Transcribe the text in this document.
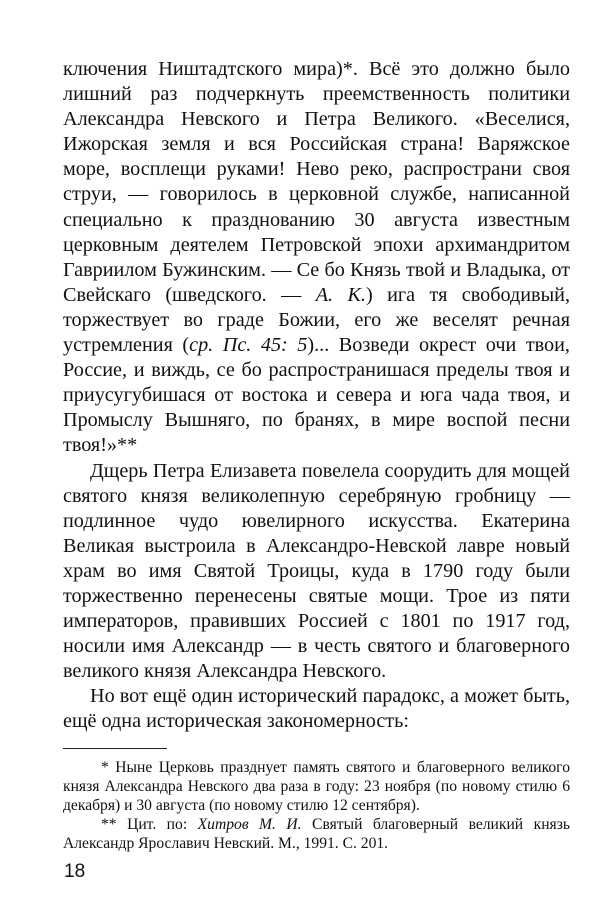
ключения Ништадтского мира)*. Всё это должно было лишний раз подчеркнуть преемственность политики Александра Невского и Петра Великого. «Веселися, Ижорская земля и вся Российская страна! Варяжское море, восплещи руками! Нево реко, распространи своя струи, — говорилось в церковной службе, написанной специально к празднованию 30 августа известным церковным деятелем Петровской эпохи архимандритом Гавриилом Бужинским. — Се бо Князь твой и Владыка, от Свейскаго (шведского. — А. К.) ига тя свободивый, торжествует во граде Божии, его же веселят речная устремления (ср. Пс. 45: 5)... Возведи окрест очи твои, Россие, и виждь, се бо распространишася пределы твоя и приусугубишася от востока и севера и юга чада твоя, и Промыслу Вышняго, по бранях, в мире воспой песни твоя!»**

Дщерь Петра Елизавета повелела соорудить для мощей святого князя великолепную серебряную гробницу — подлинное чудо ювелирного искусства. Екатерина Великая выстроила в Александро-Невской лавре новый храм во имя Святой Троицы, куда в 1790 году были торжественно перенесены святые мощи. Трое из пяти императоров, правивших Россией с 1801 по 1917 год, носили имя Александр — в честь святого и благоверного великого князя Александра Невского.

Но вот ещё один исторический парадокс, а может быть, ещё одна историческая закономерность:

* Ныне Церковь празднует память святого и благоверного великого князя Александра Невского два раза в году: 23 ноября (по новому стилю 6 декабря) и 30 августа (по новому стилю 12 сентября).

** Цит. по: Хитров М. И. Святый благоверный великий князь Александр Ярославич Невский. М., 1991. С. 201.

18
